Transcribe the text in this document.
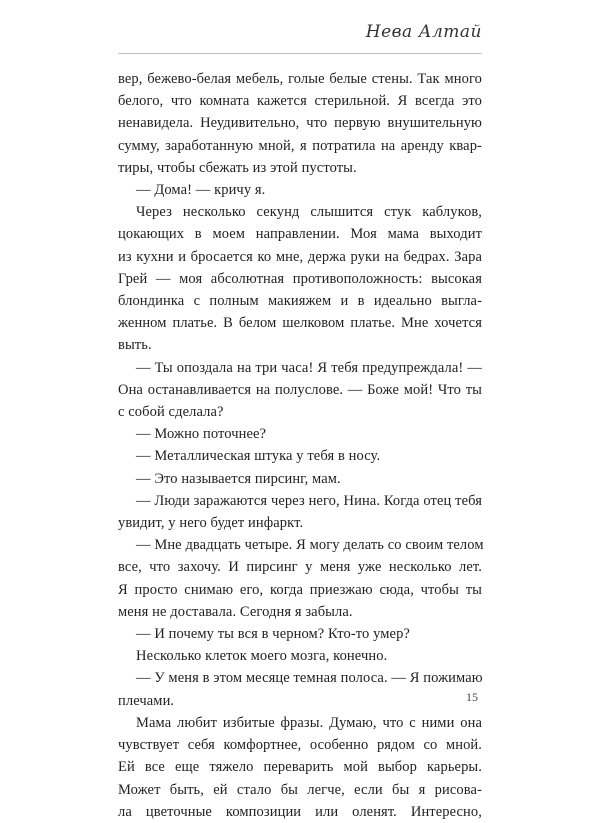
Нева Алтай
вер, бежево-белая мебель, голые белые стены. Так много
белого, что комната кажется стерильной. Я всегда это
ненавидела. Неудивительно, что первую внушительную
сумму, заработанную мной, я потратила на аренду квар-
тиры, чтобы сбежать из этой пустоты.
— Дома! — кричу я.
Через несколько секунд слышится стук каблуков,
цокающих в моем направлении. Моя мама выходит
из кухни и бросается ко мне, держа руки на бедрах. Зара
Грей — моя абсолютная противоположность: высокая
блондинка с полным макияжем и в идеально выгла-
женном платье. В белом шелковом платье. Мне хочется
выть.
— Ты опоздала на три часа! Я тебя предупреждала! —
Она останавливается на полуслове. — Боже мой! Что ты
с собой сделала?
— Можно поточнее?
— Металлическая штука у тебя в носу.
— Это называется пирсинг, мам.
— Люди заражаются через него, Нина. Когда отец тебя
увидит, у него будет инфаркт.
— Мне двадцать четыре. Я могу делать со своим телом
все, что захочу. И пирсинг у меня уже несколько лет.
Я просто снимаю его, когда приезжаю сюда, чтобы ты
меня не доставала. Сегодня я забыла.
— И почему ты вся в черном? Кто-то умер?
Несколько клеток моего мозга, конечно.
— У меня в этом месяце темная полоса. — Я пожимаю
плечами.
Мама любит избитые фразы. Думаю, что с ними она
чувствует себя комфортнее, особенно рядом со мной.
Ей все еще тяжело переварить мой выбор карьеры.
Может быть, ей стало бы легче, если бы я рисова-
ла цветочные композиции или оленят. Интересно,
15
